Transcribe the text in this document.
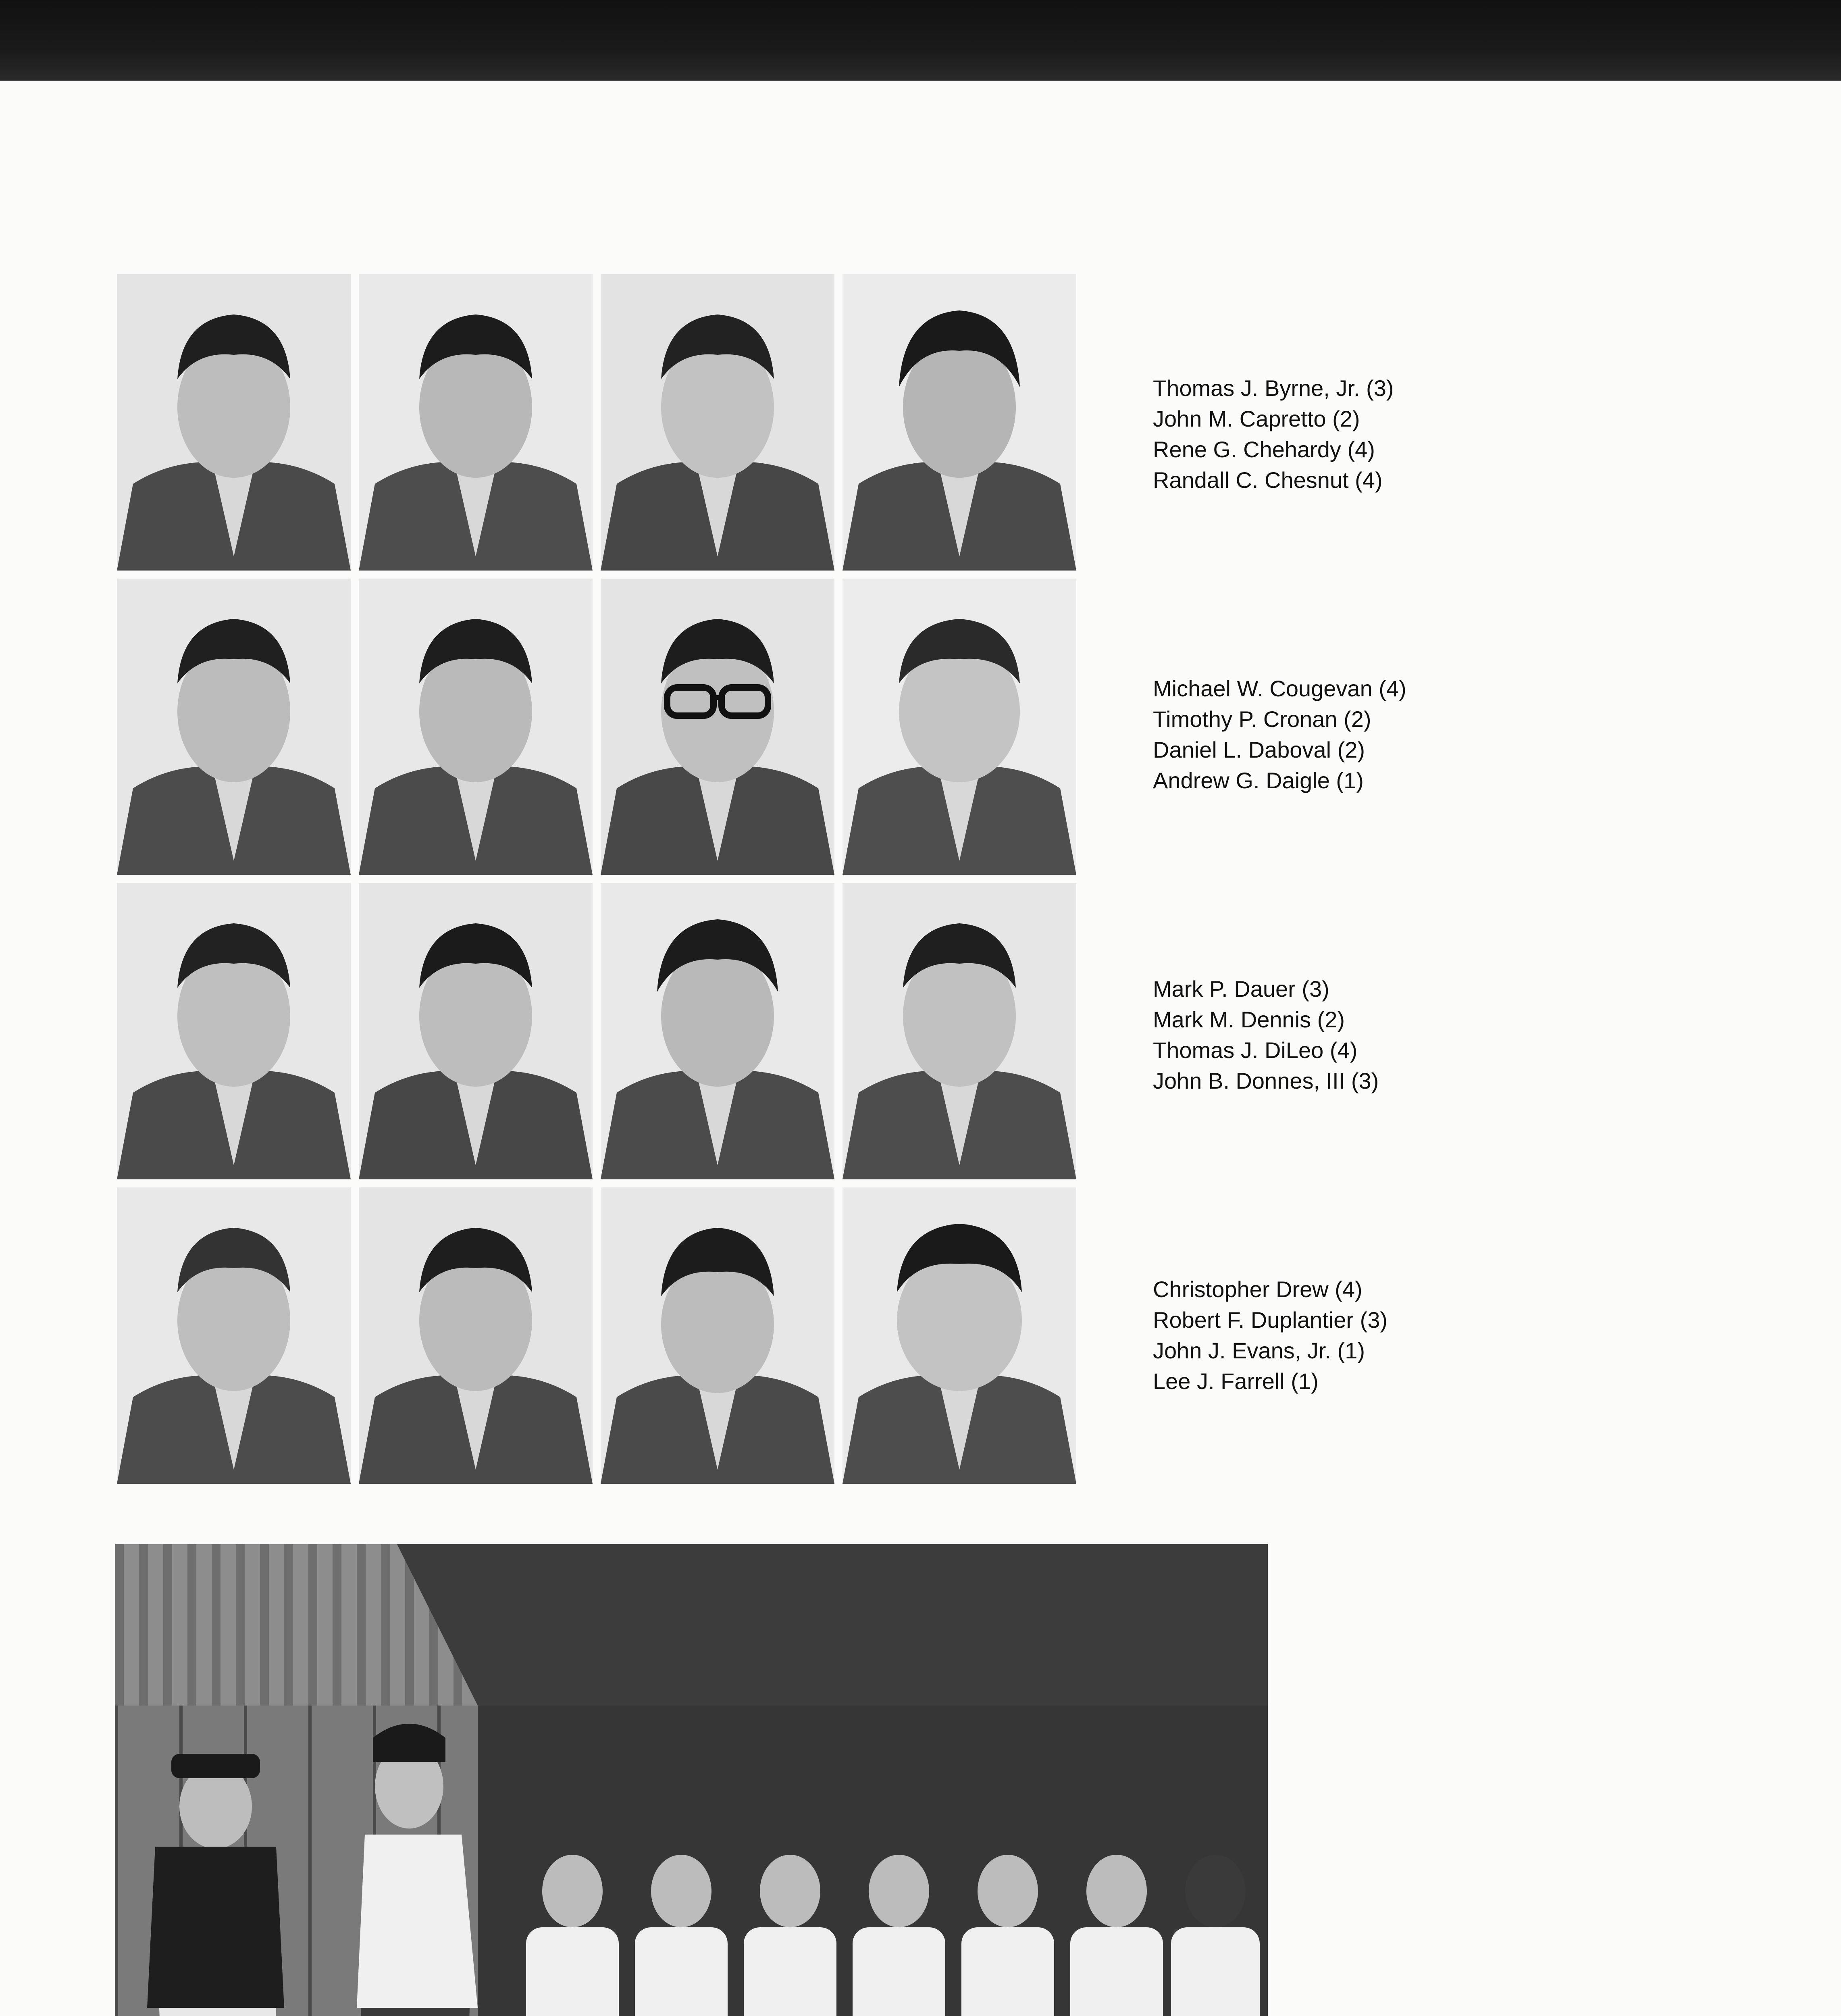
Thomas J. Byrne, Jr. (3)
John M. Capretto (2)
Rene G. Chehardy (4)
Randall C. Chesnut (4)
Michael W. Cougevan (4)
Timothy P. Cronan (2)
Daniel L. Daboval (2)
Andrew G. Daigle (1)
Mark P. Dauer (3)
Mark M. Dennis (2)
Thomas J. DiLeo (4)
John B. Donnes, III (3)
Christopher Drew (4)
Robert F. Duplantier (3)
John J. Evans, Jr. (1)
Lee J. Farrell (1)
